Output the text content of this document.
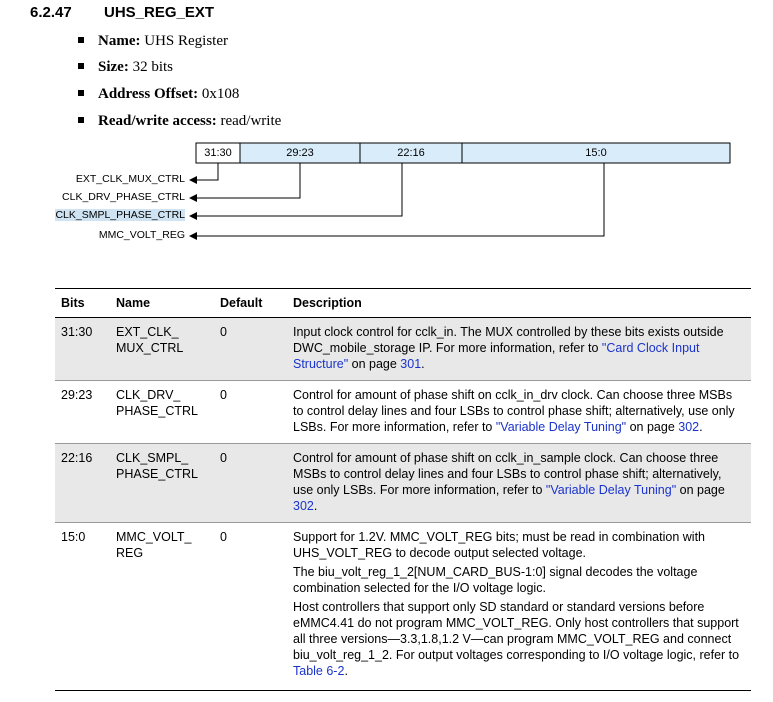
6.2.47 UHS_REG_EXT
Name: UHS Register
Size: 32 bits
Address Offset: 0x108
Read/write access: read/write
31:30	29:23	22:16	15:0
EXT_CLK_MUX_CTRL
CLK_DRV_PHASE_CTRL
CLK_SMPL_PHASE_CTRL
MMC_VOLT_REG
Bits	Name	Default	Description
31:30	EXT_CLK_ MUX_CTRL	0	Input clock control for cclk_in. The MUX controlled by these bits exists outside DWC_mobile_storage IP. For more information, refer to "Card Clock Input Structure" on page 301.
29:23	CLK_DRV_ PHASE_CTRL	0	Control for amount of phase shift on cclk_in_drv clock. Can choose three MSBs to control delay lines and four LSBs to control phase shift; alternatively, use only LSBs. For more information, refer to "Variable Delay Tuning" on page 302.
22:16	CLK_SMPL_ PHASE_CTRL	0	Control for amount of phase shift on cclk_in_sample clock. Can choose three MSBs to control delay lines and four LSBs to control phase shift; alternatively, use only LSBs. For more information, refer to "Variable Delay Tuning" on page 302.
15:0	MMC_VOLT_ REG	0	Support for 1.2V. MMC_VOLT_REG bits; must be read in combination with UHS_VOLT_REG to decode output selected voltage.

The biu_volt_reg_1_2[NUM_CARD_BUS-1:0] signal decodes the voltage combination selected for the I/O voltage logic.

Host controllers that support only SD standard or standard versions before eMMC4.41 do not program MMC_VOLT_REG. Only host controllers that support all three versions—3.3,1.8,1.2 V—can program MMC_VOLT_REG and connect biu_volt_reg_1_2. For output voltages corresponding to I/O voltage logic, refer to Table 6-2.
